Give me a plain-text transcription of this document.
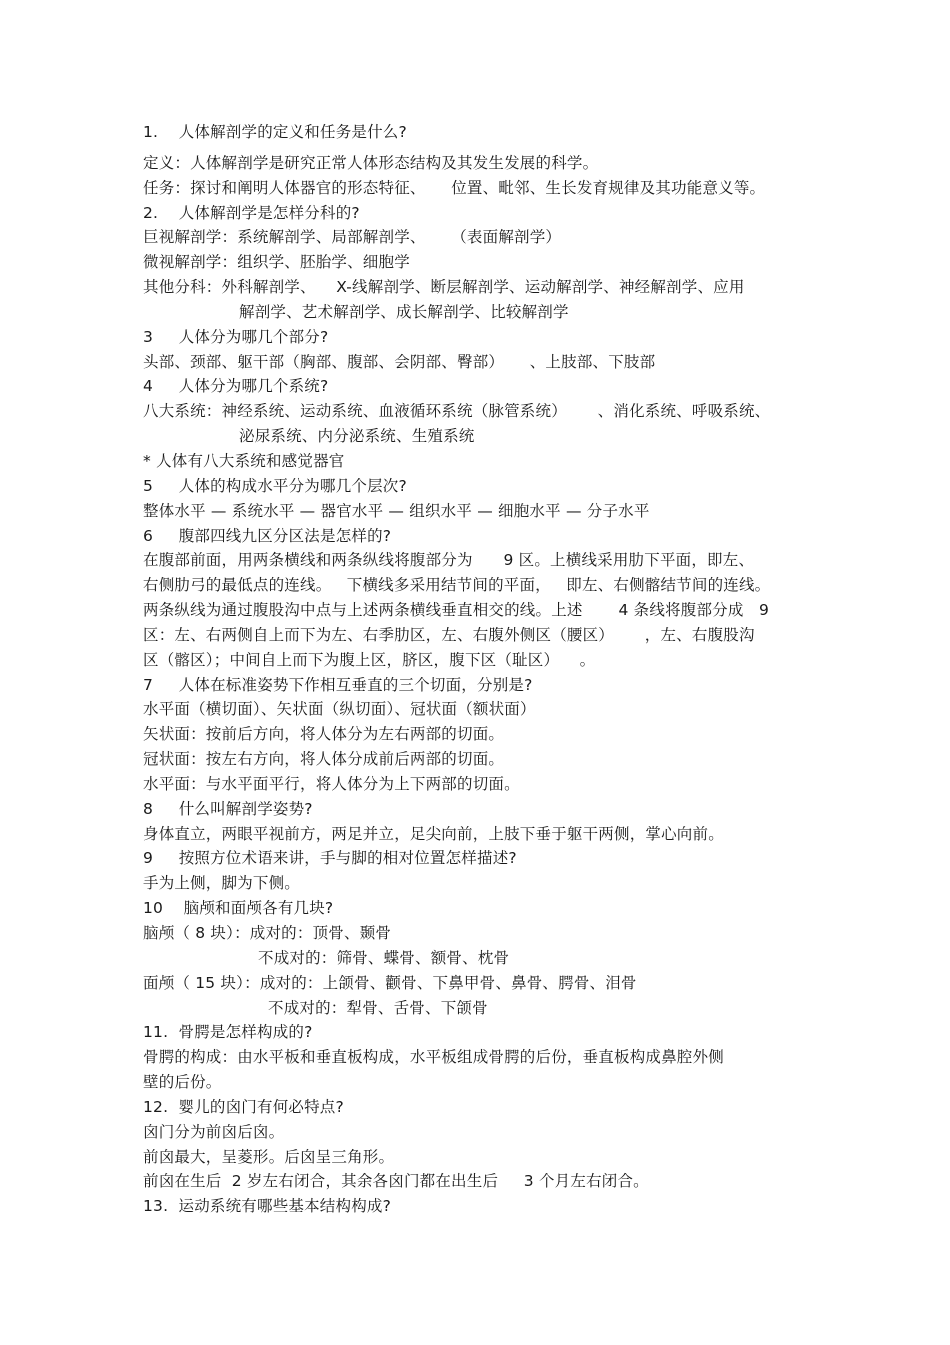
1.    人体解剖学的定义和任务是什么?
定义：人体解剖学是研究正常人体形态结构及其发生发展的科学。
任务：探讨和阐明人体器官的形态特征、     位置、毗邻、生长发育规律及其功能意义等。
2.    人体解剖学是怎样分科的?
巨视解剖学：系统解剖学、局部解剖学、     （表面解剖学）
微视解剖学：组织学、胚胎学、细胞学
其他分科：外科解剖学、    X-线解剖学、断层解剖学、运动解剖学、神经解剖学、应用
解剖学、艺术解剖学、成长解剖学、比较解剖学
3     人体分为哪几个部分?
头部、颈部、躯干部（胸部、腹部、会阴部、臀部）     、上肢部、下肢部
4     人体分为哪几个系统?
八大系统：神经系统、运动系统、血液循环系统（脉管系统）      、消化系统、呼吸系统、
泌尿系统、内分泌系统、生殖系统
* 人体有八大系统和感觉器官
5     人体的构成水平分为哪几个层次?
整体水平 — 系统水平 — 器官水平 — 组织水平 — 细胞水平 — 分子水平
6     腹部四线九区分区法是怎样的?
在腹部前面，用两条横线和两条纵线将腹部分为      9 区。上横线采用肋下平面，即左、
右侧肋弓的最低点的连线。   下横线多采用结节间的平面，   即左、右侧髂结节间的连线。
两条纵线为通过腹股沟中点与上述两条横线垂直相交的线。上述       4 条线将腹部分成   9
区：左、右两侧自上而下为左、右季肋区，左、右腹外侧区（腰区）      ，左、右腹股沟
区（髂区）；中间自上而下为腹上区，脐区，腹下区（耻区）    。
7     人体在标准姿势下作相互垂直的三个切面，分别是?
水平面（横切面）、矢状面（纵切面）、冠状面（额状面）
矢状面：按前后方向，将人体分为左右两部的切面。
冠状面：按左右方向，将人体分成前后两部的切面。
水平面：与水平面平行，将人体分为上下两部的切面。
8     什么叫解剖学姿势?
身体直立，两眼平视前方，两足并立，足尖向前，上肢下垂于躯干两侧，掌心向前。
9     按照方位术语来讲，手与脚的相对位置怎样描述?
手为上侧，脚为下侧。
10    脑颅和面颅各有几块?
脑颅（ 8 块）：成对的：顶骨、颞骨
不成对的：筛骨、蝶骨、额骨、枕骨
面颅（ 15 块）：成对的：上颌骨、颧骨、下鼻甲骨、鼻骨、腭骨、泪骨
不成对的：犁骨、舌骨、下颌骨
11.  骨腭是怎样构成的?
骨腭的构成：由水平板和垂直板构成，水平板组成骨腭的后份，垂直板构成鼻腔外侧
壁的后份。
12.  婴儿的囟门有何必特点?
囟门分为前囟后囟。
前囟最大，呈菱形。后囟呈三角形。
前囟在生后  2 岁左右闭合，其余各囟门都在出生后     3 个月左右闭合。
13.  运动系统有哪些基本结构构成?
